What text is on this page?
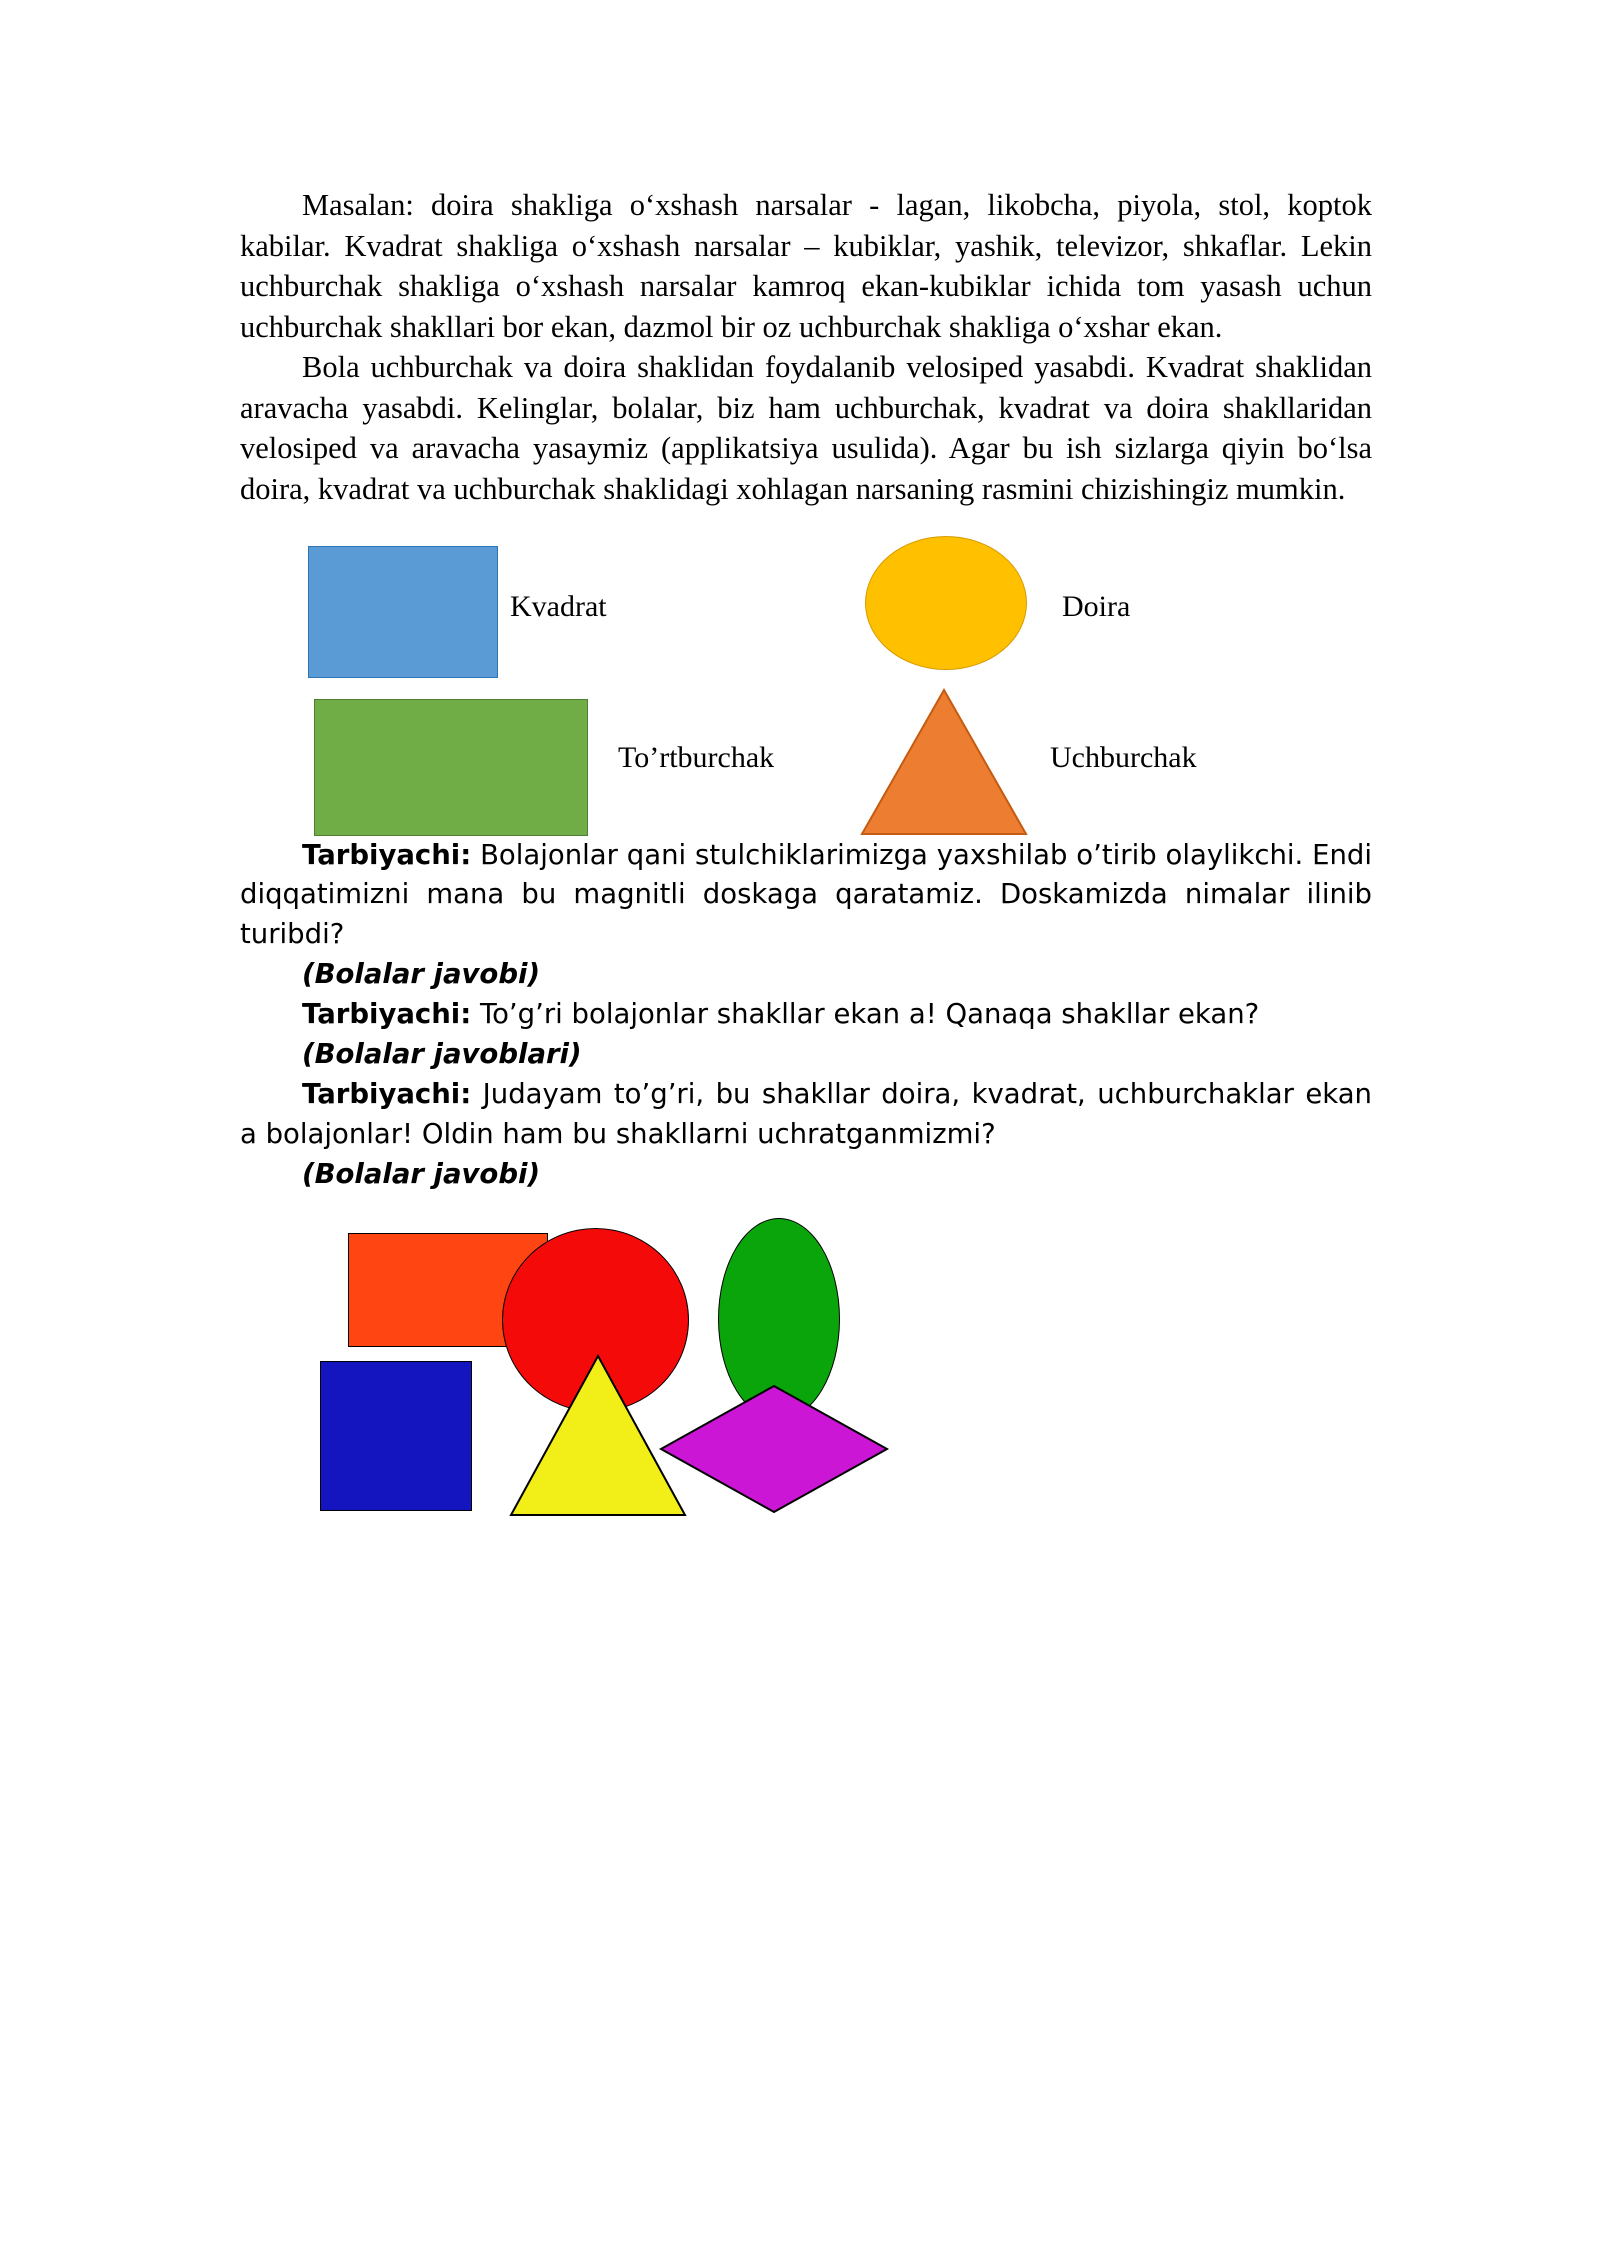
Masalan: doira shakliga o‘xshash narsalar - lagan, likobcha, piyola, stol, koptok kabilar. Kvadrat shakliga o‘xshash narsalar – kubiklar, yashik, televizor, shkaflar. Lekin uchburchak shakliga o‘xshash narsalar kamroq ekan-kubiklar ichida tom yasash uchun uchburchak shakllari bor ekan, dazmol bir oz uchburchak shakliga o‘xshar ekan.

Bola uchburchak va doira shaklidan foydalanib velosiped yasabdi. Kvadrat shaklidan aravacha yasabdi. Kelinglar, bolalar, biz ham uchburchak, kvadrat va doira shakllaridan velosiped va aravacha yasaymiz (applikatsiya usulida). Agar bu ish sizlarga qiyin bo‘lsa doira, kvadrat va uchburchak shaklidagi xohlagan narsaning rasmini chizishingiz mumkin.

Kvadrat	Doira
To’rtburchak	Uchburchak

Tarbiyachi: Bolajonlar qani stulchiklarimizga yaxshilab o’tirib olaylikchi. Endi diqqatimizni mana bu magnitli doskaga qaratamiz. Doskamizda nimalar ilinib turibdi?

(Bolalar javobi)

Tarbiyachi: To’g’ri bolajonlar shakllar ekan a! Qanaqa shakllar ekan?

(Bolalar javoblari)

Tarbiyachi: Judayam to’g’ri, bu shakllar doira, kvadrat, uchburchaklar ekan a bolajonlar! Oldin ham bu shakllarni uchratganmizmi?

(Bolalar javobi)
